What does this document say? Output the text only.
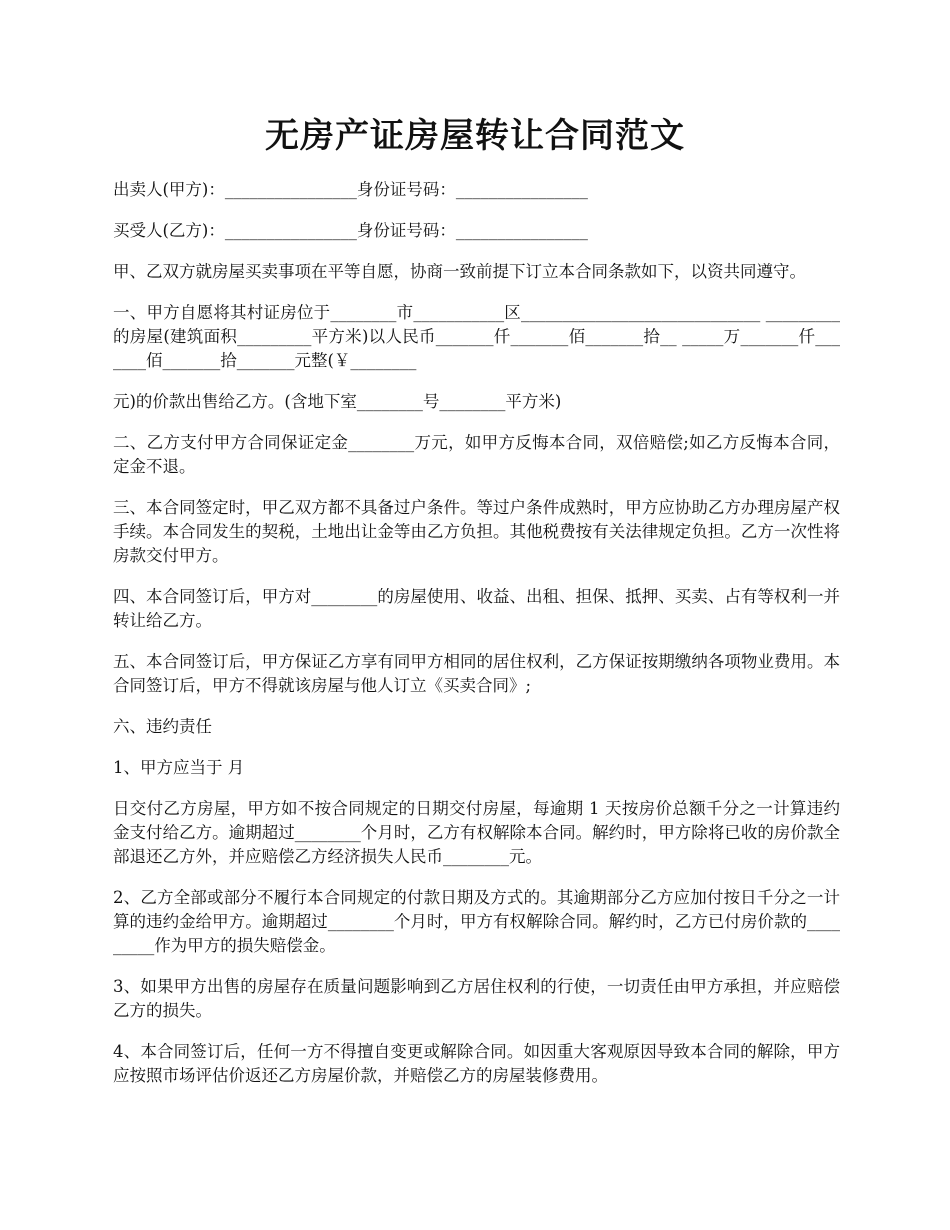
无房产证房屋转让合同范文

出卖人(甲方)：________________身份证号码：________________

买受人(乙方)：________________身份证号码：________________

甲、乙双方就房屋买卖事项在平等自愿，协商一致前提下订立本合同条款如下，以资共同遵守。

一、甲方自愿将其村证房位于________市___________区_____________________________ _________的房屋(建筑面积_________平方米)以人民币_______仟_______佰_______拾__ _____万_______仟_______佰_______拾_______元整(￥________

元)的价款出售给乙方。(含地下室________号________平方米)

二、乙方支付甲方合同保证定金________万元，如甲方反悔本合同，双倍赔偿;如乙方反悔本合同，定金不退。

三、本合同签定时，甲乙双方都不具备过户条件。等过户条件成熟时，甲方应协助乙方办理房屋产权手续。本合同发生的契税，土地出让金等由乙方负担。其他税费按有关法律规定负担。乙方一次性将房款交付甲方。

四、本合同签订后，甲方对________的房屋使用、收益、出租、担保、抵押、买卖、占有等权利一并转让给乙方。

五、本合同签订后，甲方保证乙方享有同甲方相同的居住权利，乙方保证按期缴纳各项物业费用。本合同签订后，甲方不得就该房屋与他人订立《买卖合同》;

六、违约责任

1、甲方应当于 月

日交付乙方房屋，甲方如不按合同规定的日期交付房屋，每逾期 1 天按房价总额千分之一计算违约金支付给乙方。逾期超过________个月时，乙方有权解除本合同。解约时，甲方除将已收的房价款全部退还乙方外，并应赔偿乙方经济损失人民币________元。

2、乙方全部或部分不履行本合同规定的付款日期及方式的。其逾期部分乙方应加付按日千分之一计算的违约金给甲方。逾期超过________个月时，甲方有权解除合同。解约时，乙方已付房价款的_________作为甲方的损失赔偿金。

3、如果甲方出售的房屋存在质量问题影响到乙方居住权利的行使，一切责任由甲方承担，并应赔偿乙方的损失。

4、本合同签订后，任何一方不得擅自变更或解除合同。如因重大客观原因导致本合同的解除，甲方应按照市场评估价返还乙方房屋价款，并赔偿乙方的房屋装修费用。
